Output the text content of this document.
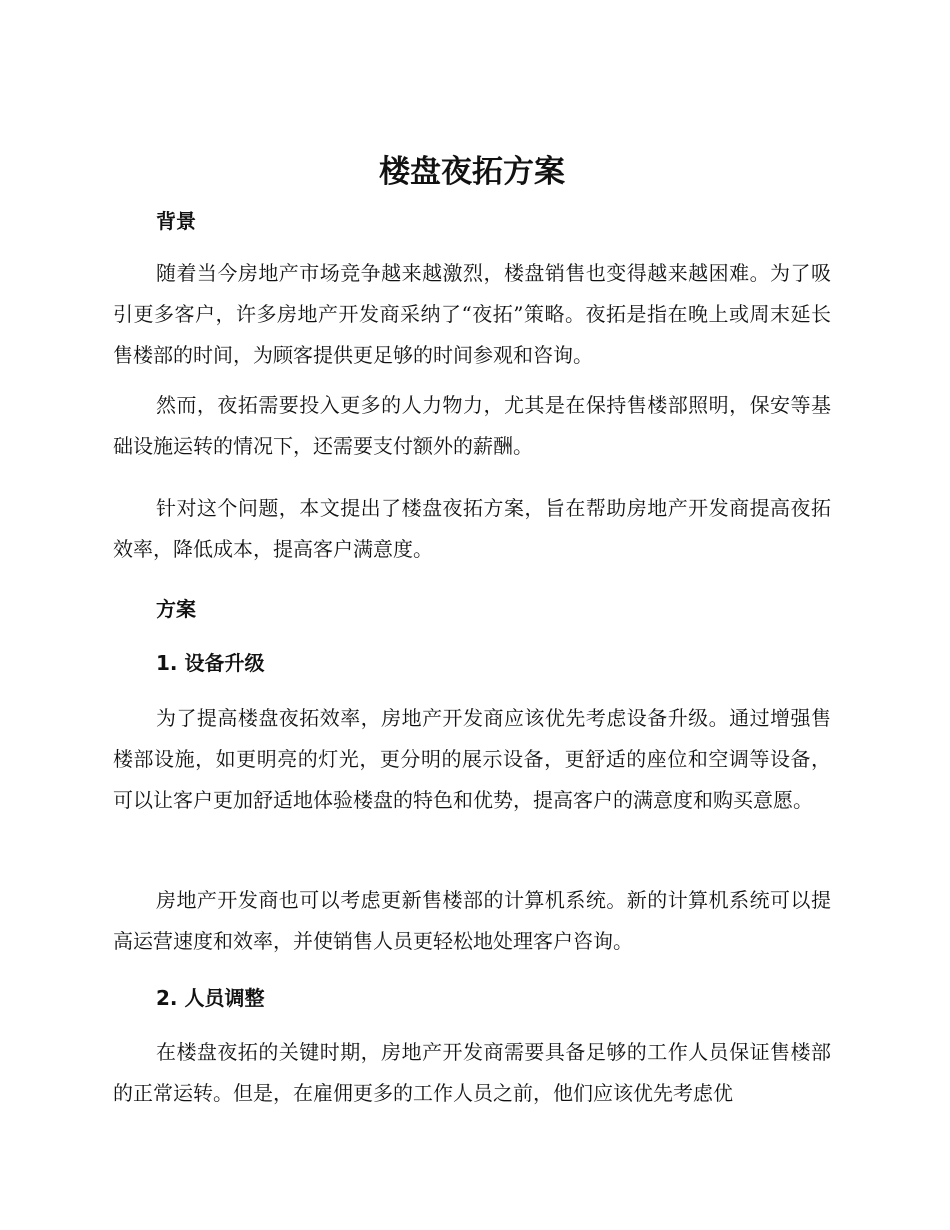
楼盘夜拓方案
背景

随着当今房地产市场竞争越来越激烈，楼盘销售也变得越来越困难。为了吸引更多客户，许多房地产开发商采纳了“夜拓”策略。夜拓是指在晚上或周末延长售楼部的时间，为顾客提供更足够的时间参观和咨询。

然而，夜拓需要投入更多的人力物力，尤其是在保持售楼部照明，保安等基础设施运转的情况下，还需要支付额外的薪酬。

针对这个问题，本文提出了楼盘夜拓方案，旨在帮助房地产开发商提高夜拓效率，降低成本，提高客户满意度。

方案
1. 设备升级

为了提高楼盘夜拓效率，房地产开发商应该优先考虑设备升级。通过增强售楼部设施，如更明亮的灯光，更分明的展示设备，更舒适的座位和空调等设备，可以让客户更加舒适地体验楼盘的特色和优势，提高客户的满意度和购买意愿。

房地产开发商也可以考虑更新售楼部的计算机系统。新的计算机系统可以提高运营速度和效率，并使销售人员更轻松地处理客户咨询。

2. 人员调整

在楼盘夜拓的关键时期，房地产开发商需要具备足够的工作人员保证售楼部的正常运转。但是，在雇佣更多的工作人员之前，他们应该优先考虑优
